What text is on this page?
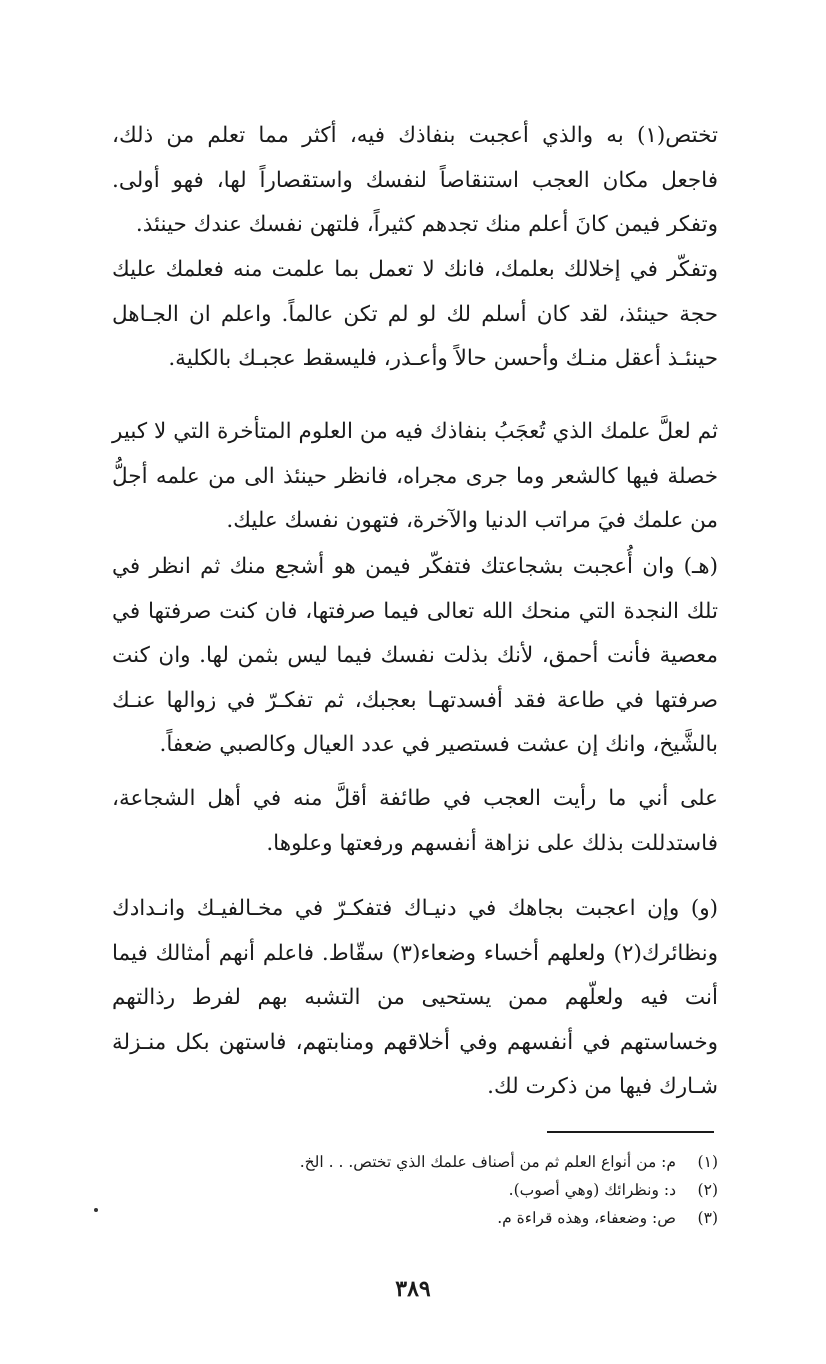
تختص(١) به والذي أعجبت بنفاذك فيه، أكثر مما تعلم من ذلك، فاجعل مكان العجب استنقاصاً لنفسك واستقصاراً لها، فهو أولى. وتفكر فيمن كانَ أعلم منك تجدهم كثيراً، فلتهن نفسك عندك حينئذ.

وتفكّر في إخلالك بعلمك، فانك لا تعمل بما علمت منه فعلمك عليك حجة حينئذ، لقد كان أسلم لك لو لم تكن عالماً. واعلم ان الجـاهل حينئـذ أعقل منـك وأحسن حالاً وأعـذر، فليسقط عجبـك بالكلية.

ثم لعلَّ علمك الذي تُعجَبُ بنفاذك فيه من العلوم المتأخرة التي لا كبير خصلة فيها كالشعر وما جرى مجراه، فانظر حينئذ الى من علمه أجلُّ من علمك فيَ مراتب الدنيا والآخرة، فتهون نفسك عليك.

(هـ) وان أُعجبت بشجاعتك فتفكّر فيمن هو أشجع منك ثم انظر في تلك النجدة التي منحك الله تعالى فيما صرفتها، فان كنت صرفتها في معصية فأنت أحمق، لأنك بذلت نفسك فيما ليس بثمن لها. وان كنت صرفتها في طاعة فقد أفسدتهـا بعجبك، ثم تفكـرّ في زوالها عنـك بالشَّيخ، وانك إن عشت فستصير في عدد العيال وكالصبي ضعفاً.

على أني ما رأيت العجب في طائفة أقلَّ منه في أهل الشجاعة، فاستدللت بذلك على نزاهة أنفسهم ورفعتها وعلوها.

(و) وإن اعجبت بجاهك في دنيـاك فتفكـرّ في مخـالفيـك وانـدادك ونظائرك(٢) ولعلهم أخساء وضعاء(٣) سقّاط. فاعلم أنهم أمثالك فيما أنت فيه ولعلّهم ممن يستحيى من التشبه بهم لفرط رذالتهم وخساستهم في أنفسهم وفي أخلاقهم ومنابتهم، فاستهن بكل منـزلة شـارك فيها من ذكرت لك.

(١)
م: من أنواع العلم ثم من أصناف علمك الذي تختص. . . الخ.
(٢)
د: ونظرائك (وهي أصوب).
(٣)
ص: وضعفاء، وهذه قراءة م.
٣٨٩
